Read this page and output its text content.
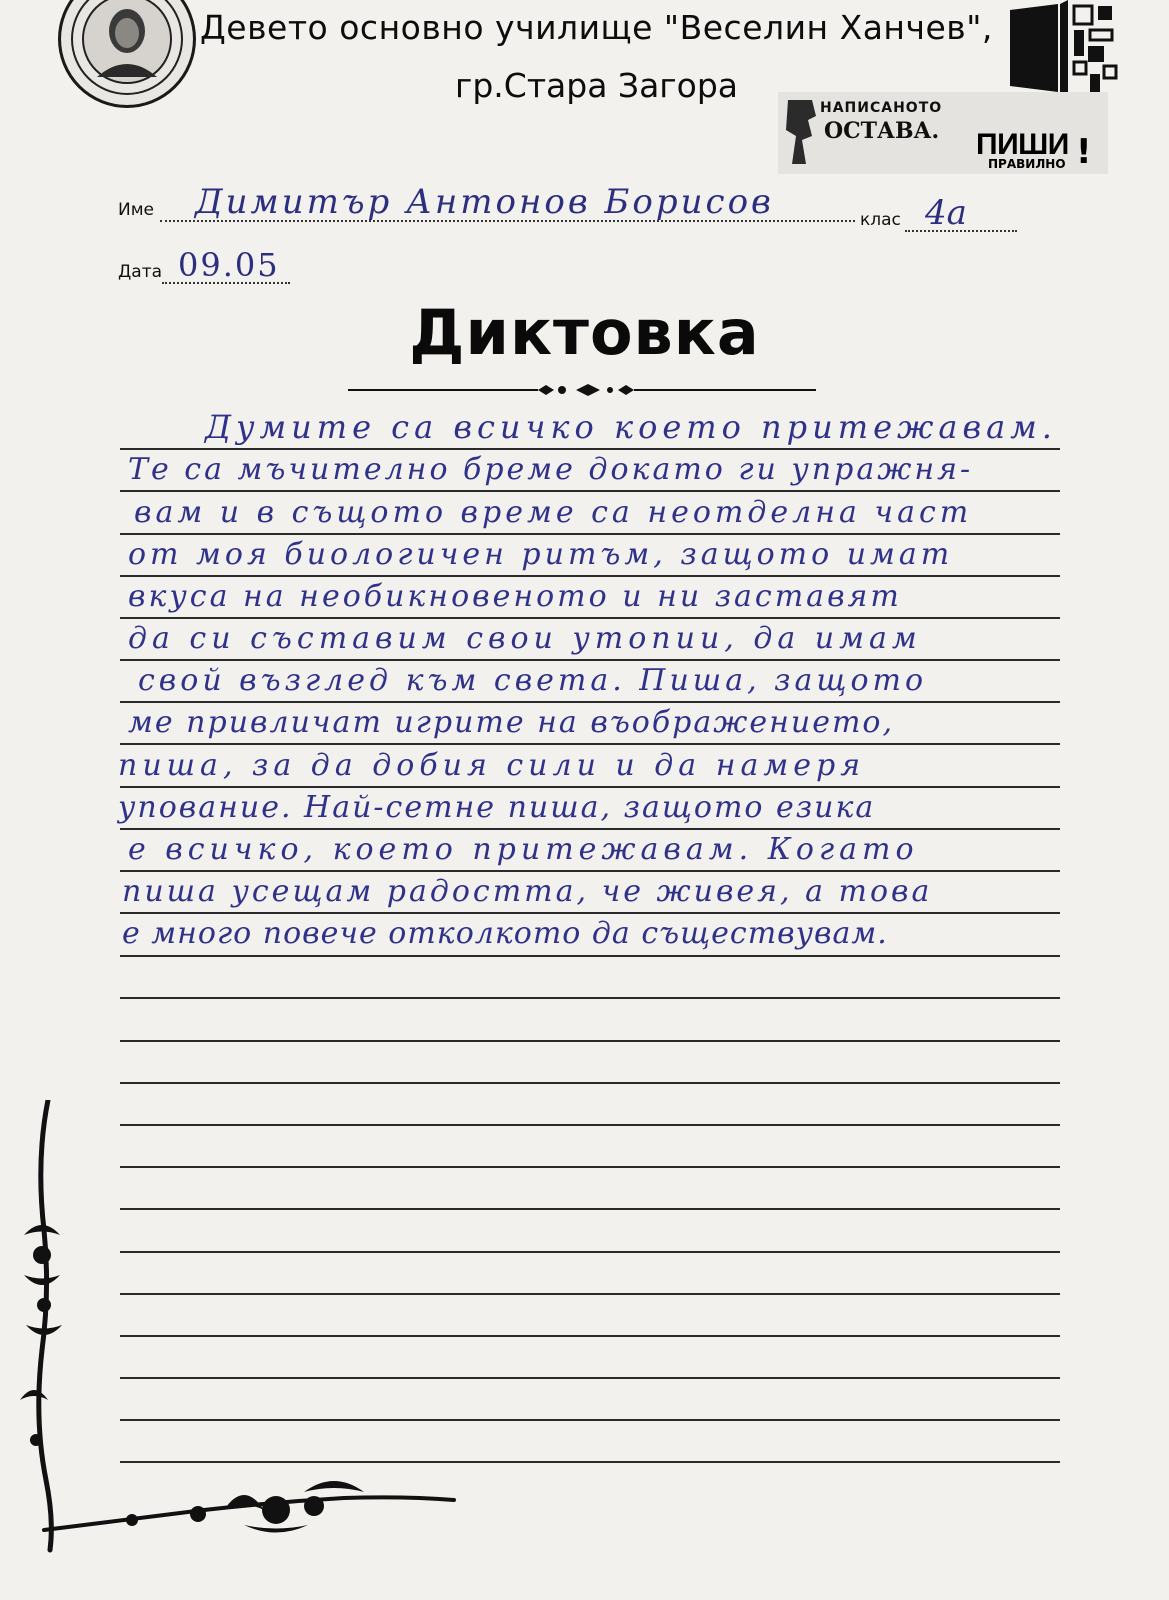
Девето основно училище "Веселин Ханчев",
гр.Стара Загора
НАПИСАНОТО
ОСТАВА. ПИШИ !
ПРАВИЛНО
Име Димитър Антонов Борисов	клас 4а
Дата 09.05
Диктовка
Думите са всичко което притежавам.
Те са мъчително бреме докато ги упражня-
вам и в същото време са неотделна част
от моя биологичен ритъм, защото имат
вкуса на необикновеното и ни заставят
да си съставим свои утопии, да имам
свой възглед към света. Пиша, защото
ме привличат игрите на въображението,
пиша, за да добия сили и да намеря
упование. Най-сетне пиша, защото езика
е всичко, което притежавам. Когато
пиша усещам радостта, че живея, а това
е много повече отколкото да съществувам.
